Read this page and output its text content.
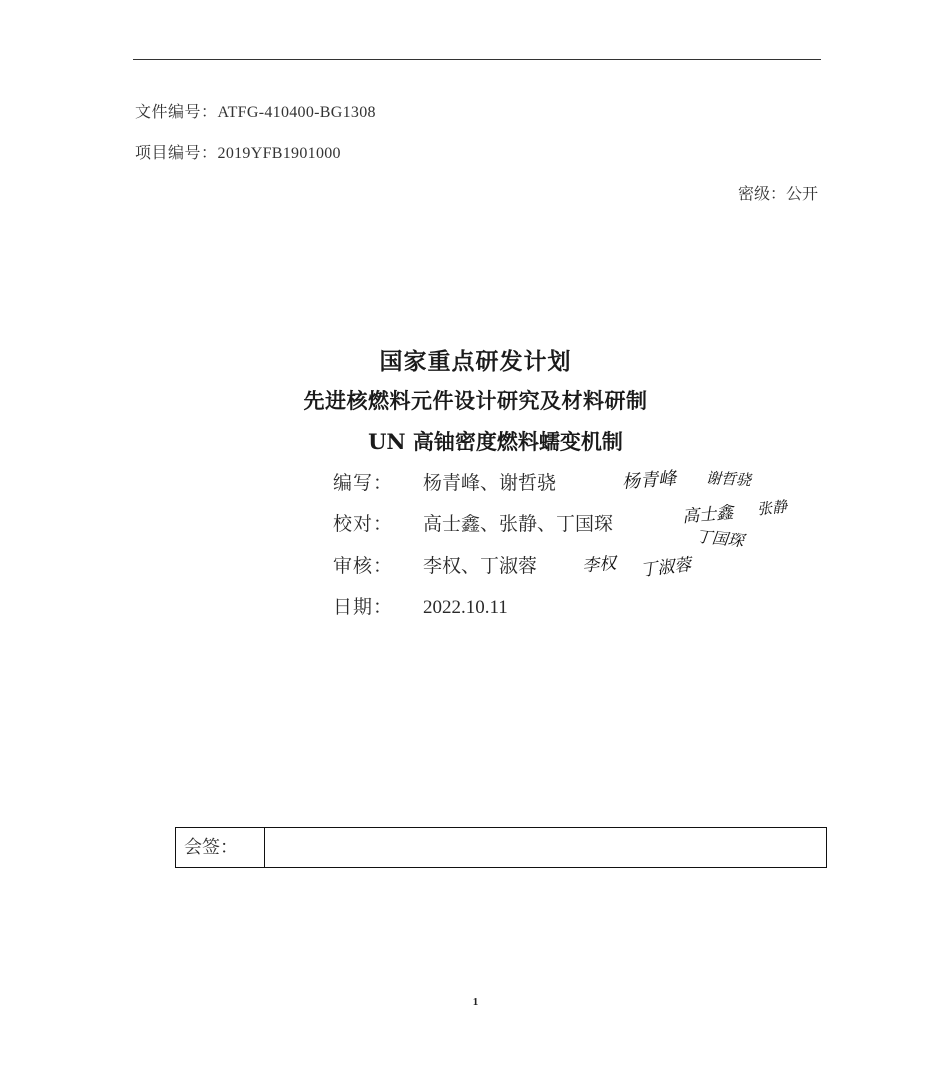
文件编号：ATFG-410400-BG1308
项目编号：2019YFB1901000
密级：公开
国家重点研发计划
先进核燃料元件设计研究及材料研制
UN 高铀密度燃料蠕变机制
编写： 杨青峰、谢哲骁
校对： 高士鑫、张静、丁国琛
审核： 李权、丁淑蓉
日期： 2022.10.11
杨青峰 谢哲骁
高士鑫 张静
丁国琛
李权 丁淑蓉
会签：
1
